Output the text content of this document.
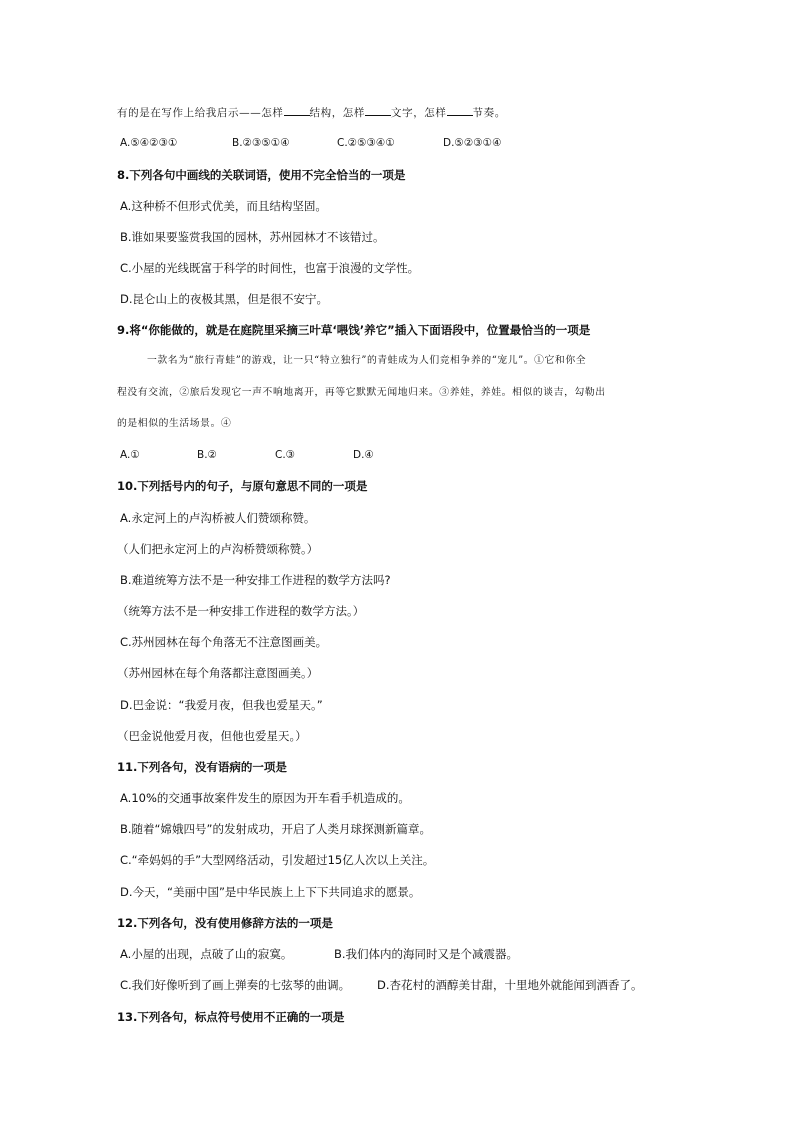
有的是在写作上给我启示——怎样 结构，怎样 文字，怎样 节奏。
A.⑤④②③①	B.②③⑤①④	C.②⑤③④①	D.⑤②③①④
8.下列各句中画线的关联词语，使用不完全恰当的一项是
A.这种桥不但形式优美，而且结构坚固。
B.谁如果要鉴赏我国的园林，苏州园林才不该错过。
C.小屋的光线既富于科学的时间性，也富于浪漫的文学性。
D.昆仑山上的夜极其黑，但是很不安宁。
9.将“你能做的，就是在庭院里采摘三叶草‘喂饯’养它”插入下面语段中，位置最恰当的一项是
一款名为“旅行青蛙”的游戏，让一只“特立独行”的青蛙成为人们竞相争养的“宠儿”。①它和你全
程没有交流，②旅后发现它一声不响地离开，再等它默默无闻地归来。③养娃，养娃。相似的谈吉，勾勒出
的是相似的生活场景。④
A.①	B.②	C.③	D.④
10.下列括号内的句子，与原句意思不同的一项是
A.永定河上的卢沟桥被人们赞颂称赞。
（人们把永定河上的卢沟桥赞颂称赞。）
B.难道统筹方法不是一种安排工作进程的数学方法吗?
（统筹方法不是一种安排工作进程的数学方法。）
C.苏州园林在每个角落无不注意图画美。
（苏州园林在每个角落都注意图画美。）
D.巴金说：“我爱月夜，但我也爱星天。”
（巴金说他爱月夜，但他也爱星天。）
11.下列各句，没有语病的一项是
A.10%的交通事故案件发生的原因为开车看手机造成的。
B.随着“嫦娥四号”的发射成功，开启了人类月球探测新篇章。
C.“牵妈妈的手”大型网络活动，引发超过15亿人次以上关注。
D.今天，“美丽中国”是中华民族上上下下共同追求的愿景。
12.下列各句，没有使用修辞方法的一项是
A.小屋的出现，点破了山的寂寞。	B.我们体内的海同时又是个减震器。
C.我们好像听到了画上弹奏的七弦琴的曲调。 D.杏花村的酒醇美甘甜，十里地外就能闻到酒香了。
13.下列各句，标点符号使用不正确的一项是
